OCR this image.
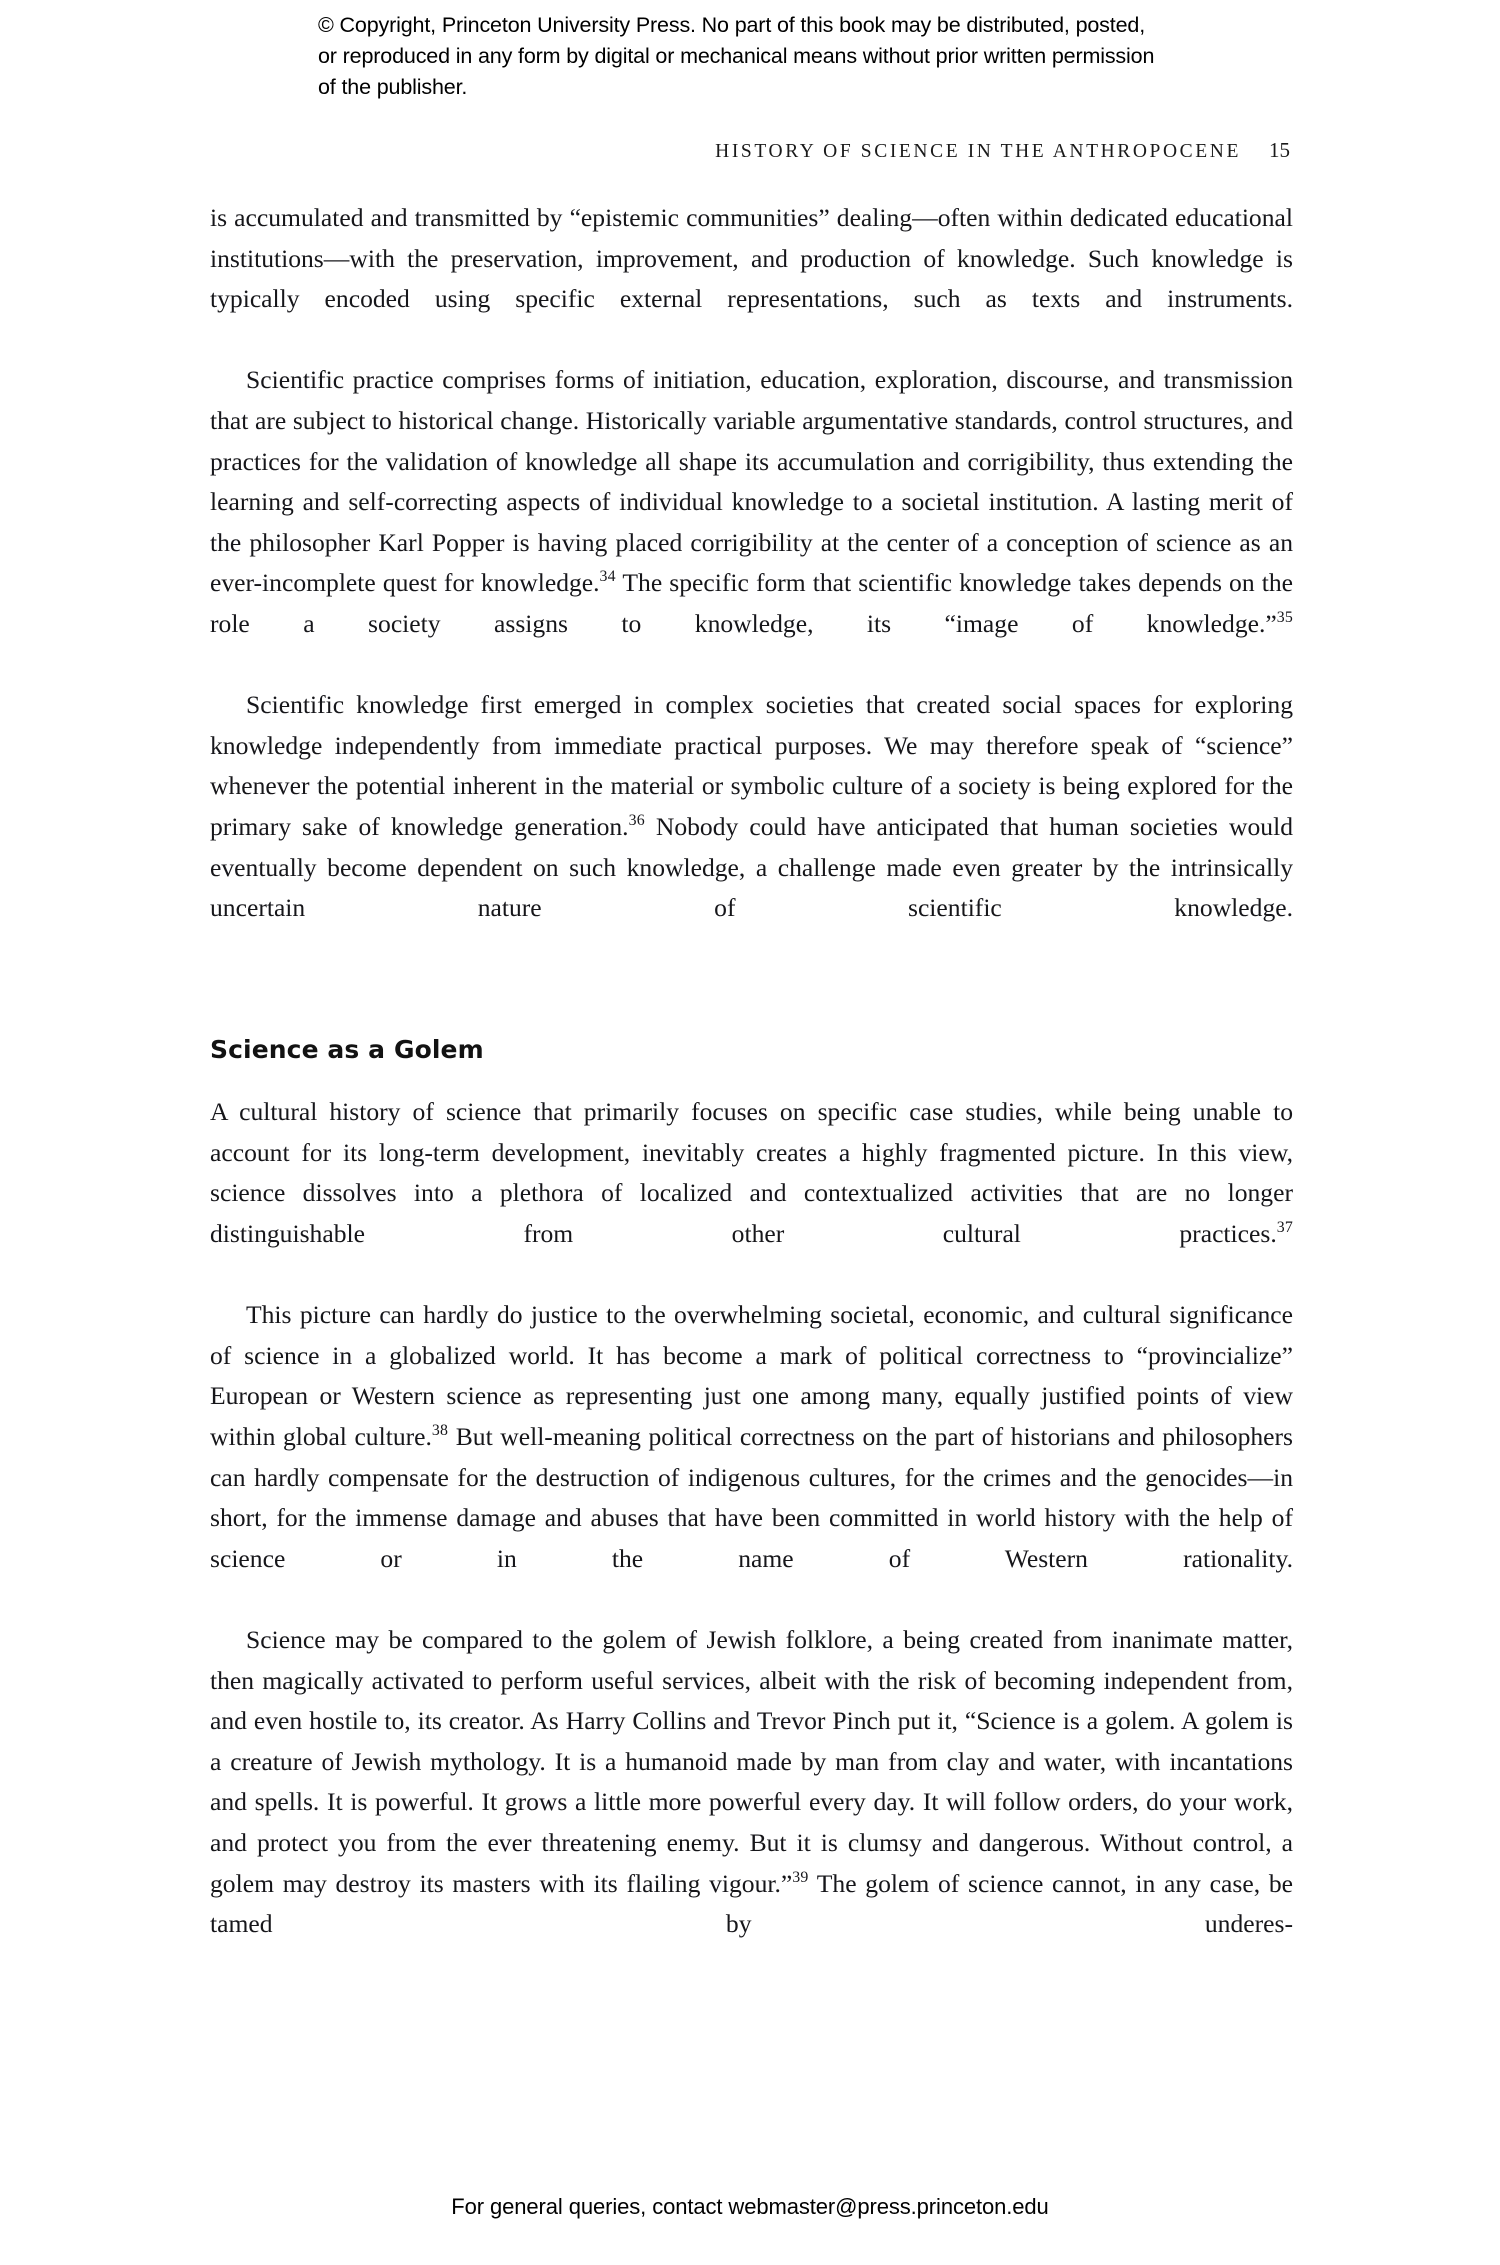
© Copyright, Princeton University Press. No part of this book may be distributed, posted, or reproduced in any form by digital or mechanical means without prior written permission of the publisher.
HISTORY OF SCIENCE IN THE ANTHROPOCENE 15

is accumulated and transmitted by “epistemic communities” dealing—often within dedicated educational institutions—with the preservation, improvement, and production of knowledge. Such knowledge is typically encoded using specific external representations, such as texts and instruments.

Scientific practice comprises forms of initiation, education, exploration, discourse, and transmission that are subject to historical change. Historically variable argumentative standards, control structures, and practices for the validation of knowledge all shape its accumulation and corrigibility, thus extending the learning and self-correcting aspects of individual knowledge to a societal institution. A lasting merit of the philosopher Karl Popper is having placed corrigibility at the center of a conception of science as an ever-incomplete quest for knowledge.$^{34}$ The specific form that scientific knowledge takes depends on the role a society assigns to knowledge, its “image of knowledge.”$^{35}$

Scientific knowledge first emerged in complex societies that created social spaces for exploring knowledge independently from immediate practical purposes. We may therefore speak of “science” whenever the potential inherent in the material or symbolic culture of a society is being explored for the primary sake of knowledge generation.$^{36}$ Nobody could have anticipated that human societies would eventually become dependent on such knowledge, a challenge made even greater by the intrinsically uncertain nature of scientific knowledge.

Science as a Golem

A cultural history of science that primarily focuses on specific case studies, while being unable to account for its long-term development, inevitably creates a highly fragmented picture. In this view, science dissolves into a plethora of localized and contextualized activities that are no longer distinguishable from other cultural practices.$^{37}$

This picture can hardly do justice to the overwhelming societal, economic, and cultural significance of science in a globalized world. It has become a mark of political correctness to “provincialize” European or Western science as representing just one among many, equally justified points of view within global culture.$^{38}$ But well-meaning political correctness on the part of historians and philosophers can hardly compensate for the destruction of indigenous cultures, for the crimes and the genocides—in short, for the immense damage and abuses that have been committed in world history with the help of science or in the name of Western rationality.

Science may be compared to the golem of Jewish folklore, a being created from inanimate matter, then magically activated to perform useful services, albeit with the risk of becoming independent from, and even hostile to, its creator. As Harry Collins and Trevor Pinch put it, “Science is a golem. A golem is a creature of Jewish mythology. It is a humanoid made by man from clay and water, with incantations and spells. It is powerful. It grows a little more powerful every day. It will follow orders, do your work, and protect you from the ever threatening enemy. But it is clumsy and dangerous. Without control, a golem may destroy its masters with its flailing vigour.”$^{39}$ The golem of science cannot, in any case, be tamed by underes-

For general queries, contact webmaster@press.princeton.edu
